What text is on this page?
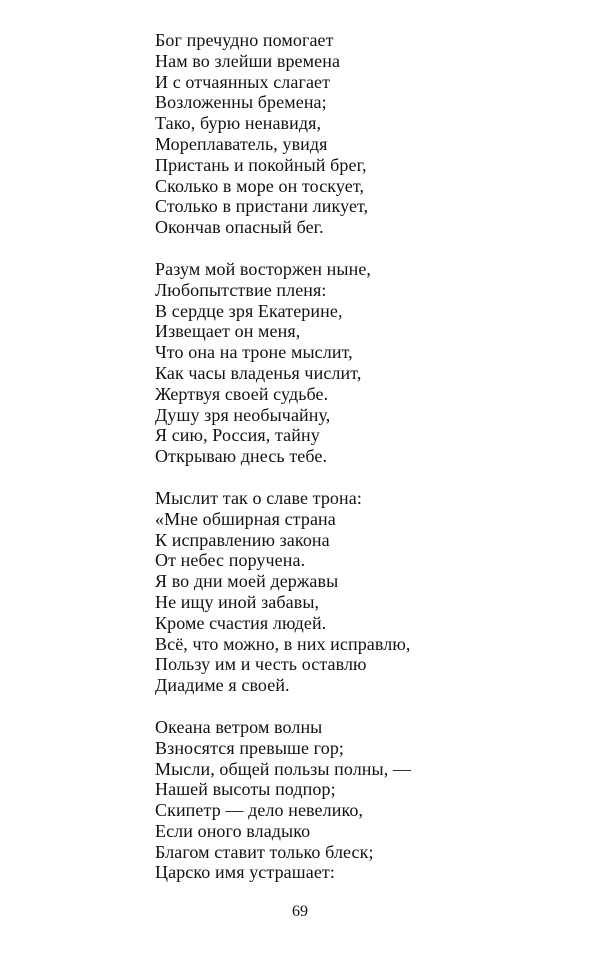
Бог пречудно помогает
Нам во злейши времена
И с отчаянных слагает
Возложенны бремена;
Тако, бурю ненавидя,
Мореплаватель, увидя
Пристань и покойный брег,
Сколько в море он тоскует,
Столько в пристани ликует,
Окончав опасный бег.
Разум мой восторжен ныне,
Любопытствие пленя:
В сердце зря Екатерине,
Извещает он меня,
Что она на троне мыслит,
Как часы владенья числит,
Жертвуя своей судьбе.
Душу зря необычайну,
Я сию, Россия, тайну
Открываю днесь тебе.
Мыслит так о славе трона:
«Мне обширная страна
К исправлению закона
От небес поручена.
Я во дни моей державы
Не ищу иной забавы,
Кроме счастия людей.
Всё, что можно, в них исправлю,
Пользу им и честь оставлю
Диадиме я своей.
Океана ветром волны
Взносятся превыше гор;
Мысли, общей пользы полны, —
Нашей высоты подпор;
Скипетр — дело невелико,
Если оного владыко
Благом ставит только блеск;
Царско имя устрашает:
69
